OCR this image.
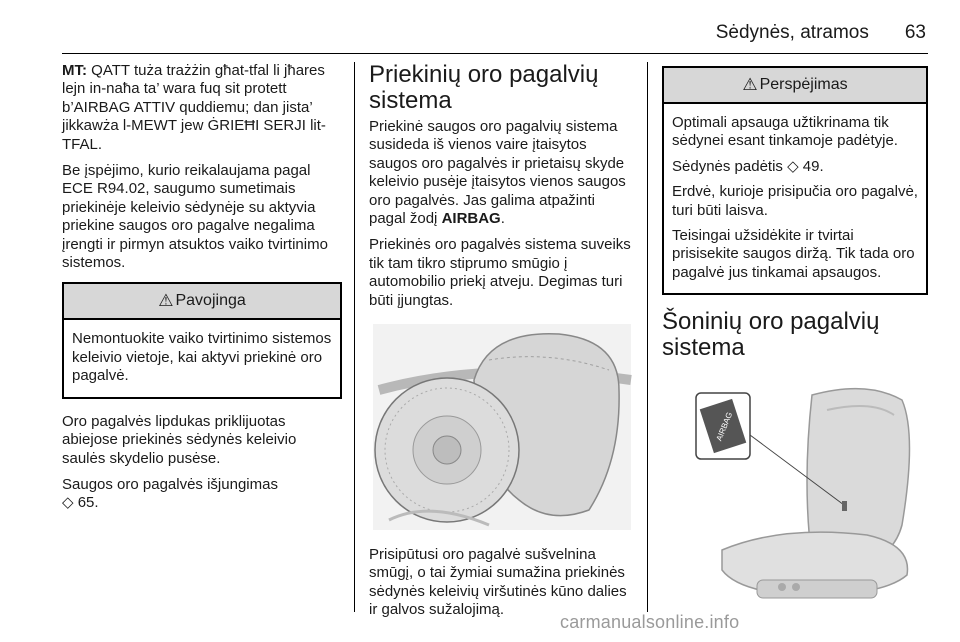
Sėdynės, atramos 63

MT: QATT tuża trażżin għat-tfal li jħares lejn in-naħa ta’ wara fuq sit protett b’AIRBAG ATTIV quddiemu; dan jista’ jikkawża l-MEWT jew ĠRIEĦI SERJI lit-TFAL.

Be įspėjimo, kurio reikalaujama pagal ECE R94.02, saugumo sumetimais priekinėje keleivio sėdynėje su aktyvia priekine saugos oro pagalve negalima įrengti ir pirmyn atsuktos vaiko tvirtinimo sistemos.

⚠ Pavojinga

Nemontuokite vaiko tvirtinimo sistemos keleivio vietoje, kai aktyvi priekinė oro pagalvė.

Oro pagalvės lipdukas priklijuotas abiejose priekinės sėdynės keleivio saulės skydelio pusėse.

Saugos oro pagalvės išjungimas
◇ 65.

Priekinių oro pagalvių sistema

Priekinė saugos oro pagalvių sistema susideda iš vienos vaire įtaisytos saugos oro pagalvės ir prietaisų skyde keleivio pusėje įtaisytos vienos saugos oro pagalvės. Jas galima atpažinti pagal žodį AIRBAG.

Priekinės oro pagalvės sistema suveiks tik tam tikro stiprumo smūgio į automobilio priekį atveju. Degimas turi būti įjungtas.

Prisipūtusi oro pagalvė sušvelnina smūgį, o tai žymiai sumažina priekinės sėdynės keleivių viršutinės kūno dalies ir galvos sužalojimą.

⚠ Perspėjimas

Optimali apsauga užtikrinama tik sėdynei esant tinkamoje padėtyje.

Sėdynės padėtis ◇ 49.

Erdvė, kurioje prisipučia oro pagalvė, turi būti laisva.

Teisingai užsidėkite ir tvirtai prisisekite saugos diržą. Tik tada oro pagalvė jus tinkamai apsaugos.

Šoninių oro pagalvių sistema
AIRBAG
carmanualsonline.info
